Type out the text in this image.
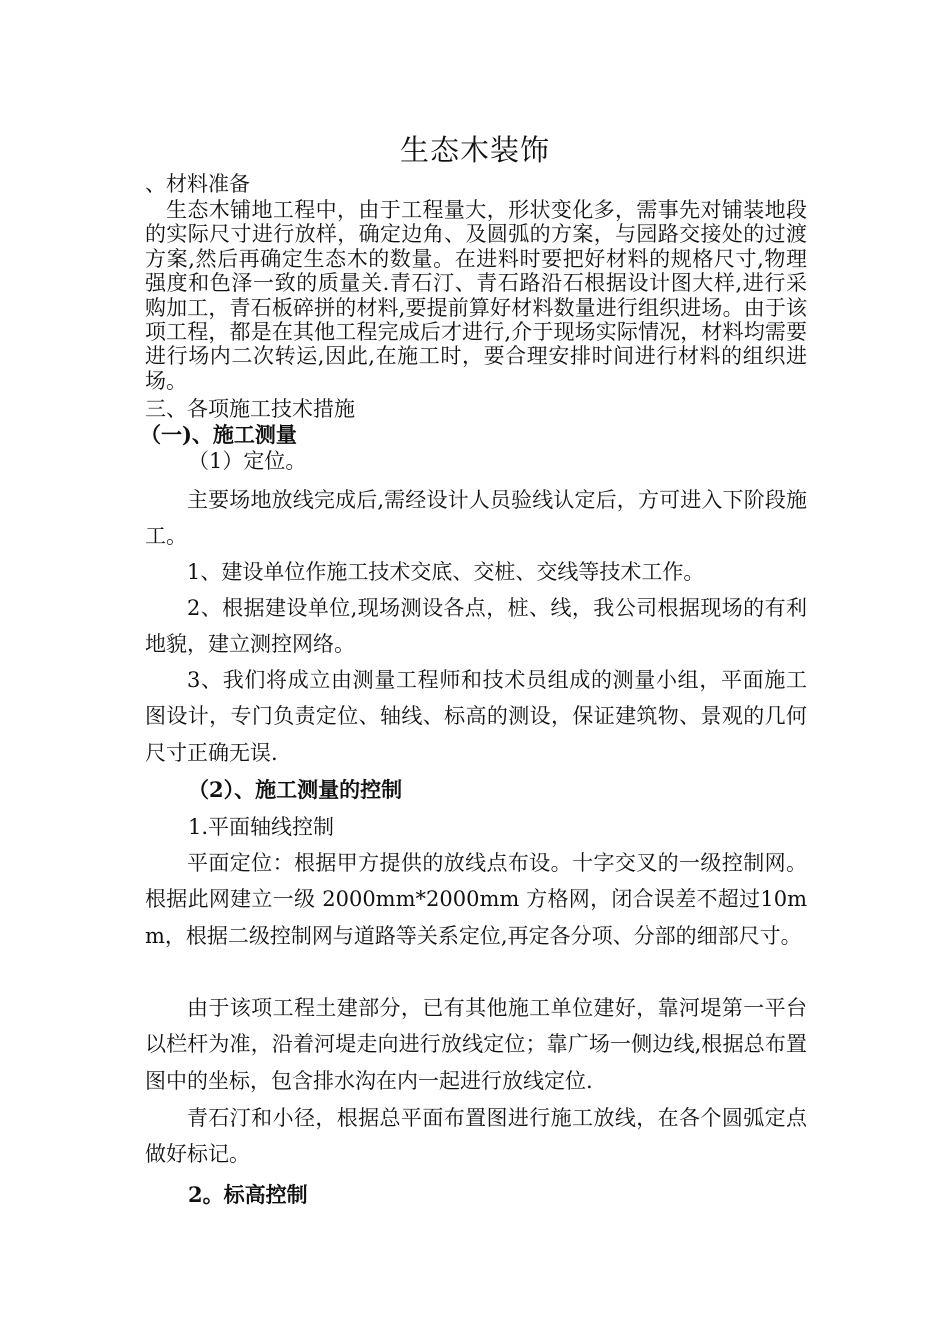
生态木装饰

、材料准备

生态木铺地工程中，由于工程量大，形状变化多，需事先对铺装地段的实际尺寸进行放样，确定边角、及圆弧的方案，与园路交接处的过渡方案,然后再确定生态木的数量。在进料时要把好材料的规格尺寸,物理强度和色泽一致的质量关.青石汀、青石路沿石根据设计图大样,进行采购加工，青石板碎拼的材料,要提前算好材料数量进行组织进场。由于该项工程，都是在其他工程完成后才进行,介于现场实际情况，材料均需要进行场内二次转运,因此,在施工时，要合理安排时间进行材料的组织进场。

三、各项施工技术措施

（一)、施工测量

（1）定位。

主要场地放线完成后,需经设计人员验线认定后，方可进入下阶段施工。

1、建设单位作施工技术交底、交桩、交线等技术工作。

2、根据建设单位,现场测设各点，桩、线，我公司根据现场的有利地貌，建立测控网络。

3、我们将成立由测量工程师和技术员组成的测量小组，平面施工图设计，专门负责定位、轴线、标高的测设，保证建筑物、景观的几何尺寸正确无误.

（2）、施工测量的控制

1.平面轴线控制

平面定位：根据甲方提供的放线点布设。十字交叉的一级控制网。根据此网建立一级 2000mm*2000mm 方格网，闭合误差不超过10mm，根据二级控制网与道路等关系定位,再定各分项、分部的细部尺寸。

由于该项工程土建部分，已有其他施工单位建好，靠河堤第一平台以栏杆为准，沿着河堤走向进行放线定位；靠广场一侧边线,根据总布置图中的坐标，包含排水沟在内一起进行放线定位.

青石汀和小径，根据总平面布置图进行施工放线，在各个圆弧定点做好标记。

2。标高控制
